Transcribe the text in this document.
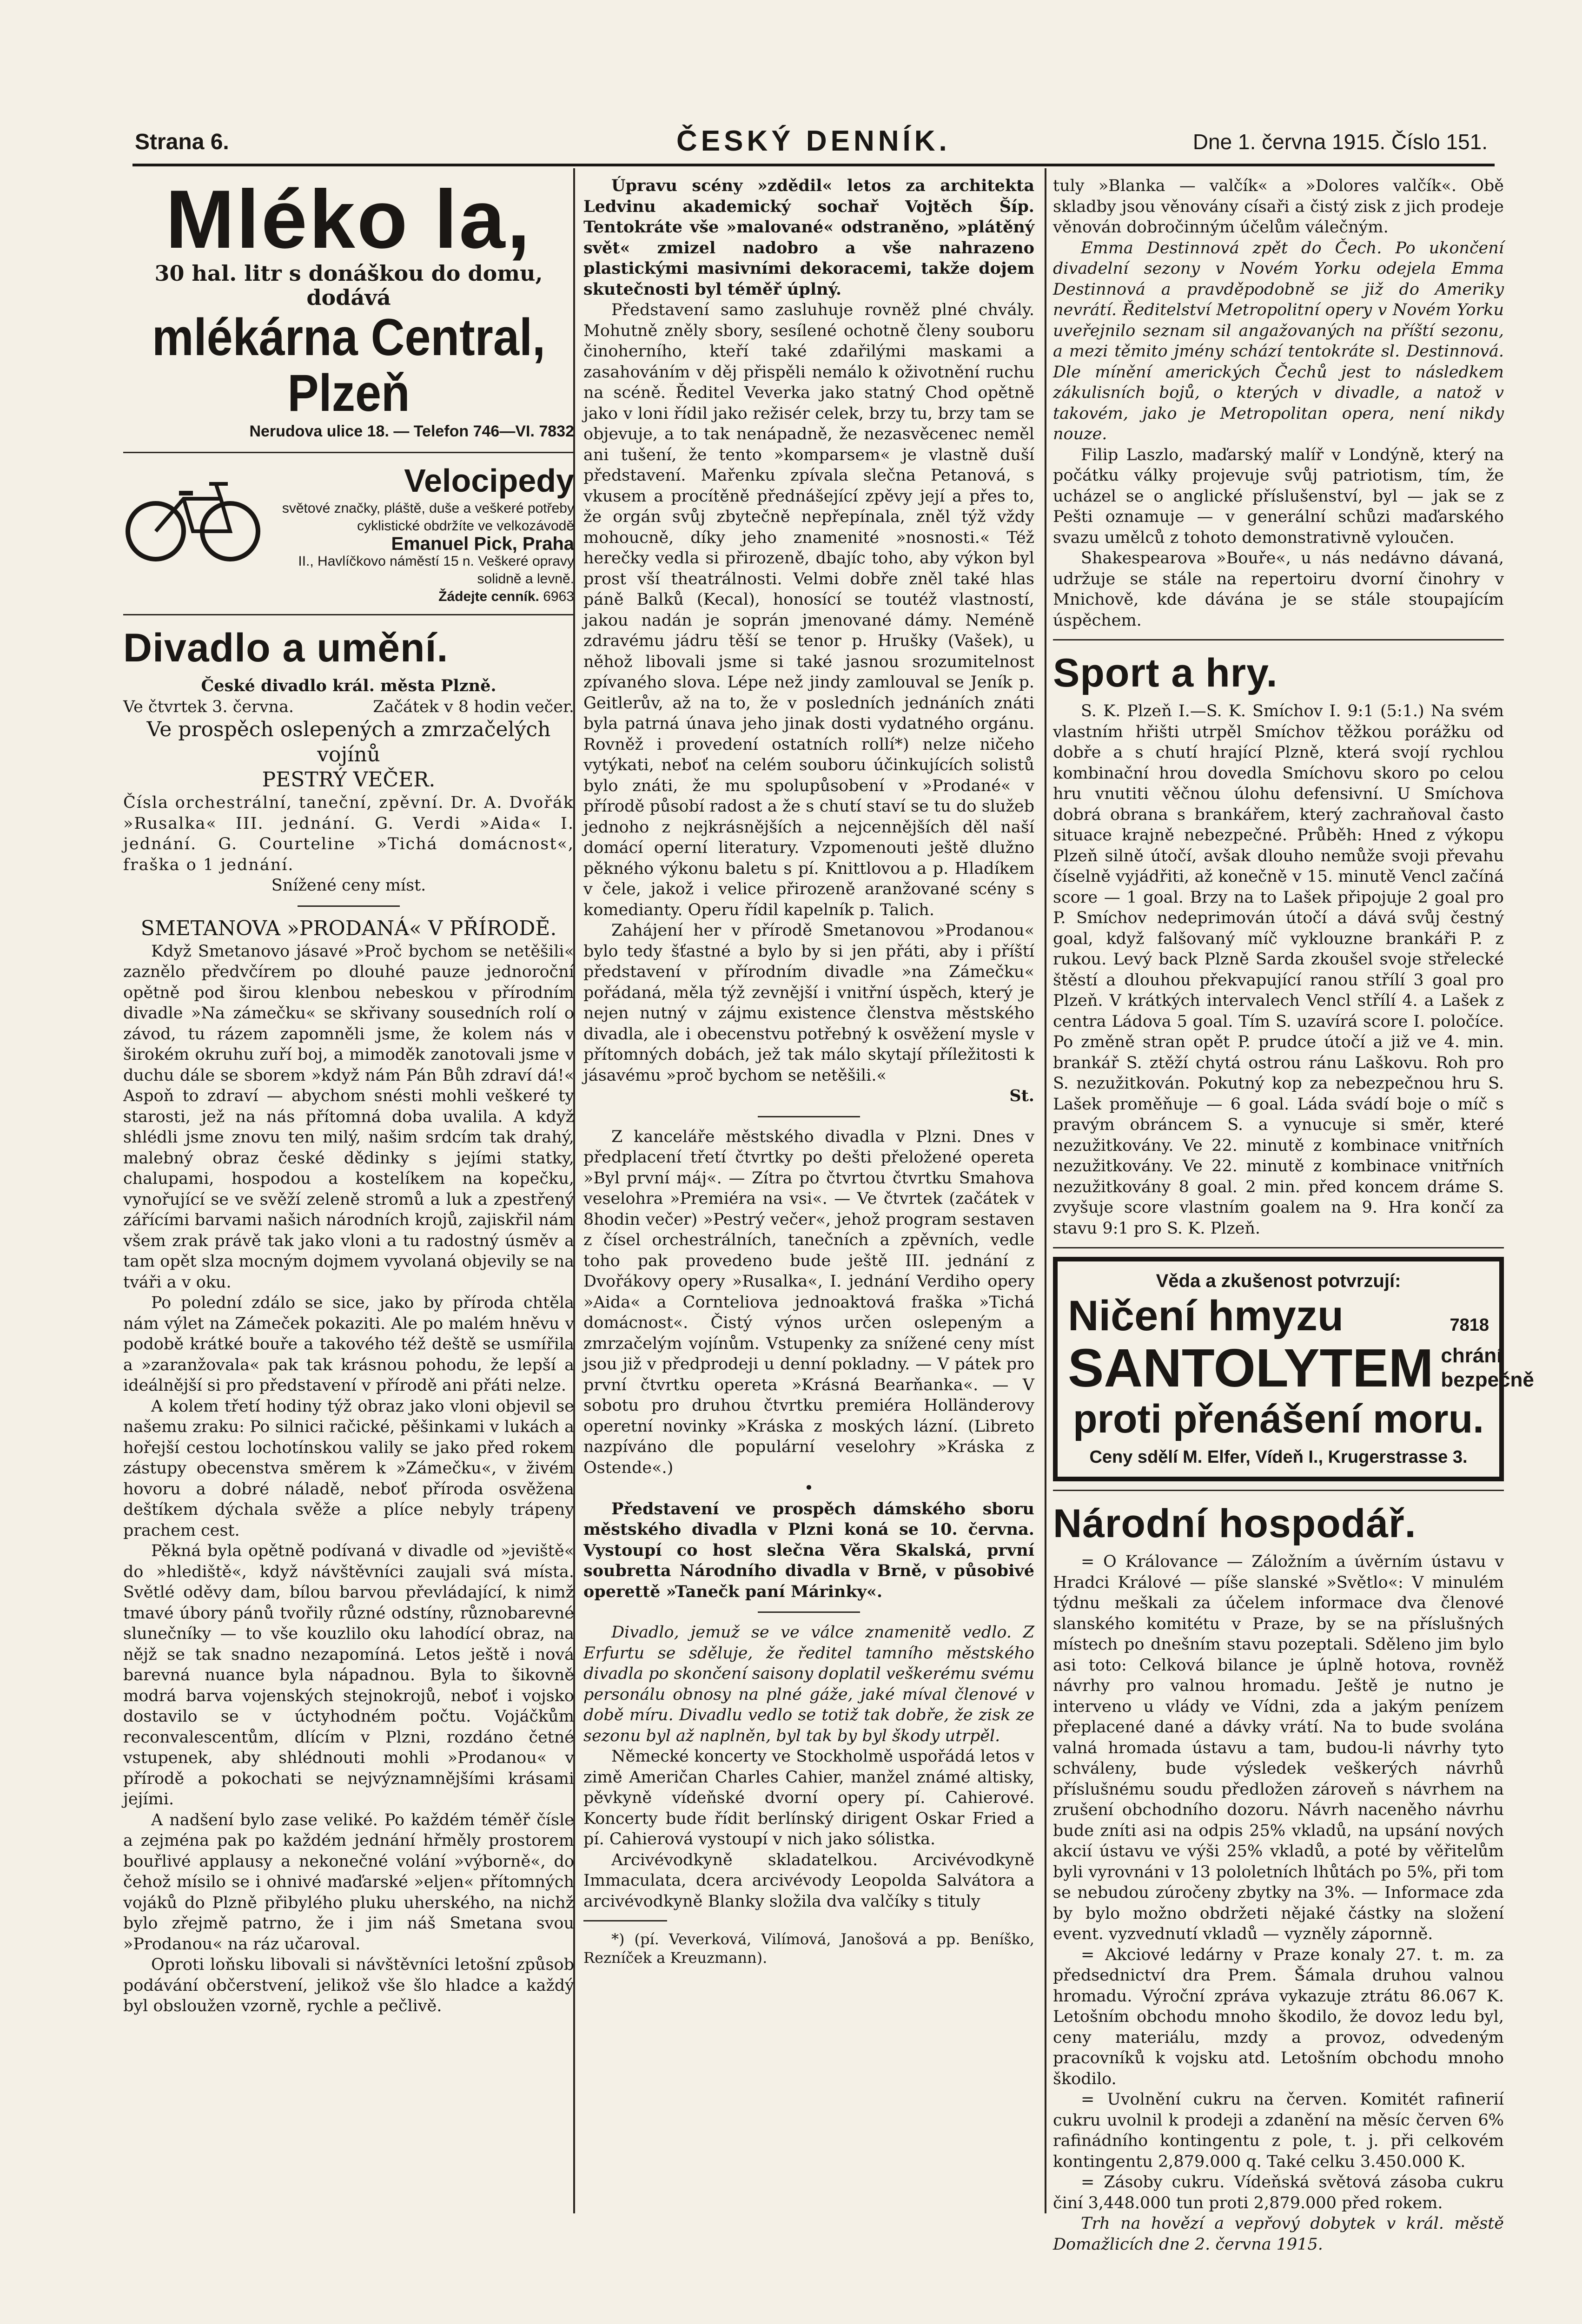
Strana 6.	ČESKÝ DENNÍK.	Dne 1. června 1915. Číslo 151.
Mléko la,
30 hal. litr s donáškou do domu, dodává
mlékárna Central, Plzeň
Nerudova ulice 18. — Telefon 746—VI. 7832
Velocipedy
světové značky, pláště, duše a veškeré potřeby cyklistické obdržíte ve velkozávodě
Emanuel Pick, Praha
II., Havlíčkovo náměstí 15 n. Veškeré opravy solidně a levně.
Žádejte cenník. 6963
Divadlo a umění.

České divadlo král. města Plzně.

Ve čtvrtek 3. června.	Začátek v 8 hodin večer.

Ve prospěch oslepených a zmrzačelých vojínů

PESTRÝ VEČER.

Čísla orchestrální, taneční, zpěvní. Dr. A. Dvořák »Rusalka« III. jednání. G. Verdi »Aida« I. jednání. G. Courteline »Tichá domácnost«, fraška o 1 jednání.

Snížené ceny míst.

SMETANOVA »PRODANÁ« V PŘÍRODĚ.

Když Smetanovo jásavé »Proč bychom se netěšili« zaznělo předvčírem po dlouhé pauze jednoroční opětně pod širou klenbou nebeskou v přírodním divadle »Na zámečku« se skřivany sousedních rolí o závod, tu rázem zapomněli jsme, že kolem nás v širokém okruhu zuří boj, a mimoděk zanotovali jsme v duchu dále se sborem »když nám Pán Bůh zdraví dá!« Aspoň to zdraví — abychom snésti mohli veškeré ty starosti, jež na nás přítomná doba uvalila. A když shlédli jsme znovu ten milý, našim srdcím tak drahý, malebný obraz české dědinky s jejími statky, chalupami, hospodou a kostelíkem na kopečku, vynořující se ve svěží zeleně stromů a luk a zpestřený zářícími barvami našich národních krojů, zajiskřil nám všem zrak právě tak jako vloni a tu radostný úsměv a tam opět slza mocným dojmem vyvolaná objevily se na tváři a v oku.

Po polední zdálo se sice, jako by příroda chtěla nám výlet na Zámeček pokaziti. Ale po malém hněvu v podobě krátké bouře a takového též deště se usmířila a »zaranžovala« pak tak krásnou pohodu, že lepší a ideálnější si pro představení v přírodě ani přáti nelze.

A kolem třetí hodiny týž obraz jako vloni objevil se našemu zraku: Po silnici račické, pěšinkami v lukách a hořejší cestou lochotínskou valily se jako před rokem zástupy obecenstva směrem k »Zámečku«, v živém hovoru a dobré náladě, neboť příroda osvěžena deštíkem dýchala svěže a plíce nebyly trápeny prachem cest.

Pěkná byla opětně podívaná v divadle od »jeviště« do »hlediště«, když návštěvníci zaujali svá místa. Světlé oděvy dam, bílou barvou převládající, k nimž tmavé úbory pánů tvořily různé odstíny, různobarevné slunečníky — to vše kouzlilo oku lahodící obraz, na nějž se tak snadno nezapomíná. Letos ještě i nová barevná nuance byla nápadnou. Byla to šikovně modrá barva vojenských stejnokrojů, neboť i vojsko dostavilo se v úctyhodném počtu. Vojáčkům reconvalescentům, dlícím v Plzni, rozdáno četné vstupenek, aby shlédnouti mohli »Prodanou« v přírodě a pokochati se nejvýznamnějšími krásami jejími.

A nadšení bylo zase veliké. Po každém téměř čísle a zejména pak po každém jednání hřměly prostorem bouřlivé applausy a nekonečné volání »výborně«, do čehož mísilo se i ohnivé maďarské »eljen« přítomných vojáků do Plzně přibylého pluku uherského, na nichž bylo zřejmě patrno, že i jim náš Smetana svou »Prodanou« na ráz učaroval.

Oproti loňsku libovali si návštěvníci letošní způsob podávání občerstvení, jelikož vše šlo hladce a každý byl obsloužen vzorně, rychle a pečlivě.

Úpravu scény »zdědil« letos za architekta Ledvinu akademický sochař Vojtěch Šíp. Tentokráte vše »malované« odstraněno, »plátěný svět« zmizel nadobro a vše nahrazeno plastickými masivními dekoracemi, takže dojem skutečnosti byl téměř úplný.

Představení samo zasluhuje rovněž plné chvály. Mohutně zněly sbory, sesílené ochotně členy souboru činoherního, kteří také zdařilými maskami a zasahováním v děj přispěli nemálo k oživotnění ruchu na scéně. Ředitel Veverka jako statný Chod opětně jako v loni řídil jako režisér celek, brzy tu, brzy tam se objevuje, a to tak nenápadně, že nezasvěcenec neměl ani tušení, že tento »komparsem« je vlastně duší představení. Mařenku zpívala slečna Petanová, s vkusem a procítěně přednášející zpěvy její a přes to, že orgán svůj zbytečně nepřepínala, zněl týž vždy mohoucně, díky jeho znamenité »nosnosti.« Též herečky vedla si přirozeně, dbajíc toho, aby výkon byl prost vší theatrálnosti. Velmi dobře zněl také hlas páně Balků (Kecal), honosící se toutéž vlastností, jakou nadán je soprán jmenované dámy. Neméně zdravému jádru těší se tenor p. Hrušky (Vašek), u něhož libovali jsme si také jasnou srozumitelnost zpívaného slova. Lépe než jindy zamlouval se Jeník p. Geitlerův, až na to, že v posledních jednáních znáti byla patrná únava jeho jinak dosti vydatného orgánu. Rovněž i provedení ostatních rollí*) nelze ničeho vytýkati, neboť na celém souboru účinkujících solistů bylo znáti, že mu spolupůsobení v »Prodané« v přírodě působí radost a že s chutí staví se tu do služeb jednoho z nejkrásnějších a nejcennějších děl naší domácí operní literatury. Vzpomenouti ještě dlužno pěkného výkonu baletu s pí. Knittlovou a p. Hladíkem v čele, jakož i velice přirozeně aranžované scény s komedianty. Operu řídil kapelník p. Talich.

Zahájení her v přírodě Smetanovou »Prodanou« bylo tedy šťastné a bylo by si jen přáti, aby i příští představení v přírodním divadle »na Zámečku« pořádaná, měla týž zevnější i vnitřní úspěch, který je nejen nutný v zájmu existence členstva městského divadla, ale i obecenstvu potřebný k osvěžení mysle v přítomných dobách, jež tak málo skytají příležitosti k jásavému »proč bychom se netěšili.«

St.

Z kanceláře městského divadla v Plzni. Dnes v předplacení třetí čtvrtky po dešti přeložené opereta »Byl první máj«. — Zítra po čtvrtou čtvrtku Smahova veselohra »Premiéra na vsi«. — Ve čtvrtek (začátek v 8hodin večer) »Pestrý večer«, jehož program sestaven z čísel orchestrálních, tanečních a zpěvních, vedle toho pak provedeno bude ještě III. jednání z Dvořákovy opery »Rusalka«, I. jednání Verdiho opery »Aida« a Cornteliova jednoaktová fraška »Tichá domácnost«. Čistý výnos určen oslepeným a zmrzačelým vojínům. Vstupenky za snížené ceny míst jsou již v předprodeji u denní pokladny. — V pátek pro první čtvrtku opereta »Krásná Bearňanka«. — V sobotu pro druhou čtvrtku premiéra Holländerovy operetní novinky »Kráska z moských lázní. (Libreto nazpíváno dle populární veselohry »Kráska z Ostende«.)

•

Představení ve prospěch dámského sboru městského divadla v Plzni koná se 10. června. Vystoupí co host slečna Věra Skalská, první soubretta Národního divadla v Brně, v působivé operettě »Tanečk paní Márinky«.

Divadlo, jemuž se ve válce znamenitě vedlo. Z Erfurtu se sděluje, že ředitel tamního městského divadla po skončení saisony doplatil veškerému svému personálu obnosy na plné gáže, jaké míval členové v době míru. Divadlu vedlo se totiž tak dobře, že zisk ze sezonu byl až naplněn, byl tak by byl škody utrpěl.

Německé koncerty ve Stockholmě uspořádá letos v zimě Američan Charles Cahier, manžel známé altisky, pěvkyně vídeňské dvorní opery pí. Cahierové. Koncerty bude řídit berlínský dirigent Oskar Fried a pí. Cahierová vystoupí v nich jako sólistka.

Arcivévodkyně skladatelkou. Arcivévodkyně Immaculata, dcera arcivévody Leopolda Salvátora a arcivévodkyně Blanky složila dva valčíky s tituly

*) (pí. Veverková, Vilímová, Janošová a pp. Beníško, Rezníček a Kreuzmann).

tuly »Blanka — valčík« a »Dolores valčík«. Obě skladby jsou věnovány císaři a čistý zisk z jich prodeje věnován dobročinným účelům válečným.

Emma Destinnová zpět do Čech. Po ukončení divadelní sezony v Novém Yorku odejela Emma Destinnová a pravděpodobně se již do Ameriky nevrátí. Ředitelství Metropolitní opery v Novém Yorku uveřejnilo seznam sil angažovaných na příští sezonu, a mezi těmito jmény schází tentokráte sl. Destinnová. Dle mínění amerických Čechů jest to následkem zákulisních bojů, o kterých v divadle, a natož v takovém, jako je Metropolitan opera, není nikdy nouze.

Filip Laszlo, maďarský malíř v Londýně, který na počátku války projevuje svůj patriotism, tím, že ucházel se o anglické příslušenství, byl — jak se z Pešti oznamuje — v generální schůzi maďarského svazu umělců z tohoto demonstrativně vyloučen.

Shakespearova »Bouře«, u nás nedávno dávaná, udržuje se stále na repertoiru dvorní činohry v Mnichově, kde dávána je se stále stoupajícím úspěchem.

Sport a hry.

S. K. Plzeň I.—S. K. Smíchov I. 9:1 (5:1.) Na svém vlastním hřišti utrpěl Smíchov těžkou porážku od dobře a s chutí hrající Plzně, která svojí rychlou kombinační hrou dovedla Smíchovu skoro po celou hru vnutiti věčnou úlohu defensivní. U Smíchova dobrá obrana s brankářem, který zachraňoval často situace krajně nebezpečné. Průběh: Hned z výkopu Plzeň silně útočí, avšak dlouho nemůže svoji převahu číselně vyjádřiti, až konečně v 15. minutě Vencl začíná score — 1 goal. Brzy na to Lašek připojuje 2 goal pro P. Smíchov nedeprimován útočí a dává svůj čestný goal, když falšovaný míč vyklouzne brankáři P. z rukou. Levý back Plzně Sarda zkoušel svoje střelecké štěstí a dlouhou překvapující ranou střílí 3 goal pro Plzeň. V krátkých intervalech Vencl střílí 4. a Lašek z centra Ládova 5 goal. Tím S. uzavírá score I. poločíce. Po změně stran opět P. prudce útočí a již ve 4. min. brankář S. ztěží chytá ostrou ránu Laškovu. Roh pro S. nezužitkován. Pokutný kop za nebezpečnou hru S. Lašek proměňuje — 6 goal. Láda svádí boje o míč s pravým obráncem S. a vynucuje si směr, které nezužitkovány. Ve 22. minutě z kombinace vnitřních nezužitkovány. Ve 22. minutě z kombinace vnitřních nezužitkovány 8 goal. 2 min. před koncem dráme S. zvyšuje score vlastním goalem na 9. Hra končí za stavu 9:1 pro S. K. Plzeň.

Věda a zkušenost potvrzují:
Ničení hmyzu	7818
SANTOLYTEM chrání bezpečně
proti přenášení moru.
Ceny sdělí M. Elfer, Vídeň I., Krugerstrasse 3.
Národní hospodář.

= O Královance — Záložním a úvěrním ústavu v Hradci Králové — píše slanské »Světlo«: V minulém týdnu meškali za účelem informace dva členové slanského komitétu v Praze, by se na příslušných místech po dnešním stavu pozeptali. Sděleno jim bylo asi toto: Celková bilance je úplně hotova, rovněž návrhy pro valnou hromadu. Ještě je nutno je interveno u vlády ve Vídni, zda a jakým penízem přeplacené dané a dávky vrátí. Na to bude svolána valná hromada ústavu a tam, budou-li návrhy tyto schváleny, bude výsledek veškerých návrhů příslušnému soudu předložen zároveň s návrhem na zrušení obchodního dozoru. Návrh naceněho návrhu bude zníti asi na odpis 25% vkladů, na upsání nových akcií ústavu ve výši 25% vkladů, a poté by věřitelům byli vyrovnáni v 13 pololetních lhůtách po 5%, při tom se nebudou zúročeny zbytky na 3%. — Informace zda by bylo možno obdržeti nějaké částky na složení event. vyzvednutí vkladů — vyzněly zápornně.

= Akciové ledárny v Praze konaly 27. t. m. za předsednictví dra Prem. Šámala druhou valnou hromadu. Výroční zpráva vykazuje ztrátu 86.067 K. Letošním obchodu mnoho škodilo, že dovoz ledu byl, ceny materiálu, mzdy a provoz, odvedeným pracovníků k vojsku atd. Letošním obchodu mnoho škodilo.

= Uvolnění cukru na červen. Komitét rafinerií cukru uvolnil k prodeji a zdanění na měsíc červen 6% rafinádního kontingentu z pole, t. j. při celkovém kontingentu 2,879.000 q. Také celku 3.450.000 K.

= Zásoby cukru. Vídeňská světová zásoba cukru činí 3,448.000 tun proti 2,879.000 před rokem.

Trh na hovězí a vepřový dobytek v král. městě Domažlicích dne 2. června 1915.
